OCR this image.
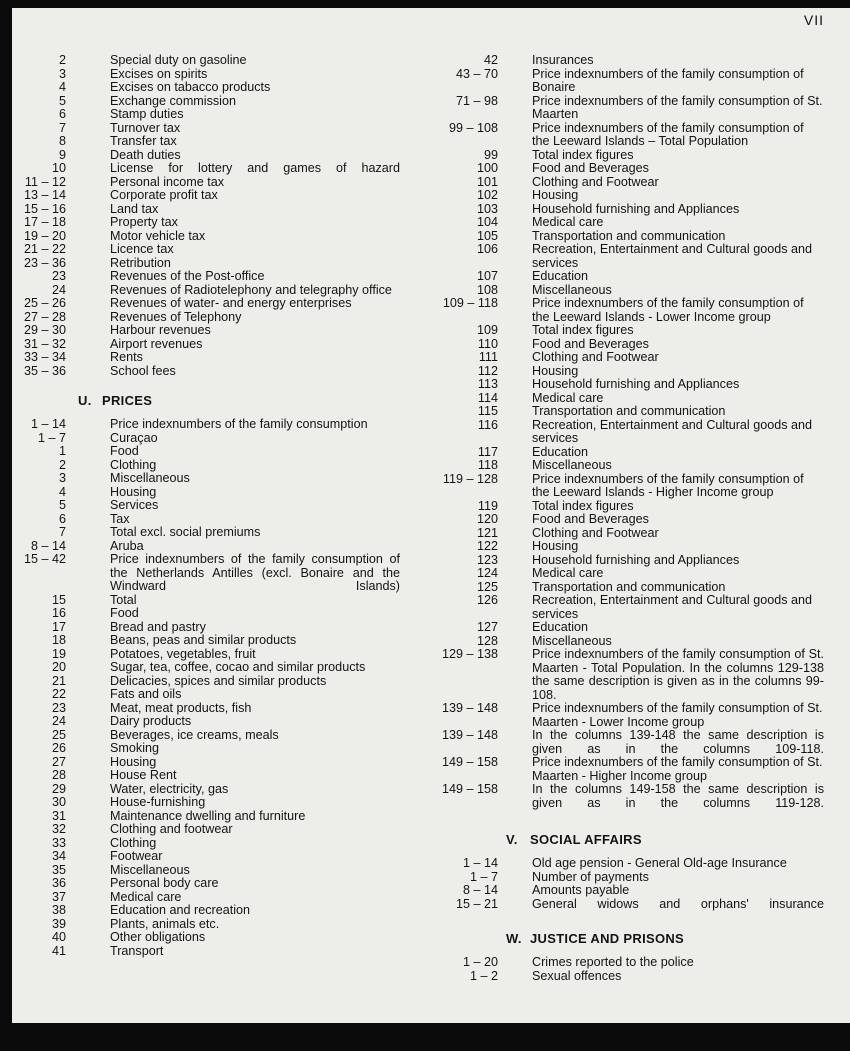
VII
2	Special duty on gasoline
3	Excises on spirits
4	Excises on tabacco products
5	Exchange commission
6	Stamp duties
7	Turnover tax
8	Transfer tax
9	Death duties
10	License for lottery and games of hazard
11 – 12	Personal income tax
13 – 14	Corporate profit tax
15 – 16	Land tax
17 – 18	Property tax
19 – 20	Motor vehicle tax
21 – 22	Licence tax
23 – 36	Retribution
23	Revenues of the Post-office
24	Revenues of Radiotelephony and telegraphy office
25 – 26	Revenues of water- and energy enterprises
27 – 28	Revenues of Telephony
29 – 30	Harbour revenues
31 – 32	Airport revenues
33 – 34	Rents
35 – 36	School fees
U. PRICES
1 – 14	Price indexnumbers of the family consumption
1 – 7	Curaçao
1	Food
2	Clothing
3	Miscellaneous
4	Housing
5	Services
6	Tax
7	Total excl. social premiums
8 – 14	Aruba
15 – 42	Price indexnumbers of the family consumption of the Netherlands Antilles (excl. Bonaire and the Windward Islands)
15	Total
16	Food
17	Bread and pastry
18	Beans, peas and similar products
19	Potatoes, vegetables, fruit
20	Sugar, tea, coffee, cocao and similar products
21	Delicacies, spices and similar products
22	Fats and oils
23	Meat, meat products, fish
24	Dairy products
25	Beverages, ice creams, meals
26	Smoking
27	Housing
28	House Rent
29	Water, electricity, gas
30	House-furnishing
31	Maintenance dwelling and furniture
32	Clothing and footwear
33	Clothing
34	Footwear
35	Miscellaneous
36	Personal body care
37	Medical care
38	Education and recreation
39	Plants, animals etc.
40	Other obligations
41	Transport
42	Insurances
43 – 70	Price indexnumbers of the family consumption of Bonaire
71 – 98	Price indexnumbers of the family consumption of St. Maarten
99 – 108	Price indexnumbers of the family consumption of the Leeward Islands – Total Population
99	Total index figures
100	Food and Beverages
101	Clothing and Footwear
102	Housing
103	Household furnishing and Appliances
104	Medical care
105	Transportation and communication
106	Recreation, Entertainment and Cultural goods and services
107	Education
108	Miscellaneous
109 – 118	Price indexnumbers of the family consumption of the Leeward Islands - Lower Income group
109	Total index figures
110	Food and Beverages
111	Clothing and Footwear
112	Housing
113	Household furnishing and Appliances
114	Medical care
115	Transportation and communication
116	Recreation, Entertainment and Cultural goods and services
117	Education
118	Miscellaneous
119 – 128	Price indexnumbers of the family consumption of the Leeward Islands - Higher Income group
119	Total index figures
120	Food and Beverages
121	Clothing and Footwear
122	Housing
123	Household furnishing and Appliances
124	Medical care
125	Transportation and communication
126	Recreation, Entertainment and Cultural goods and services
127	Education
128	Miscellaneous
129 – 138	Price indexnumbers of the family consumption of St. Maarten - Total Population. In the columns 129-138 the same description is given as in the columns 99-108.
139 – 148	Price indexnumbers of the family consumption of St. Maarten - Lower Income group
139 – 148	In the columns 139-148 the same description is given as in the columns 109-118.
149 – 158	Price indexnumbers of the family consumption of St. Maarten - Higher Income group
149 – 158	In the columns 149-158 the same description is given as in the columns 119-128.
V. SOCIAL AFFAIRS
1 – 14	Old age pension - General Old-age Insurance
1 – 7	Number of payments
8 – 14	Amounts payable
15 – 21	General widows and orphans' insurance
W. JUSTICE AND PRISONS
1 – 20	Crimes reported to the police
1 – 2	Sexual offences
